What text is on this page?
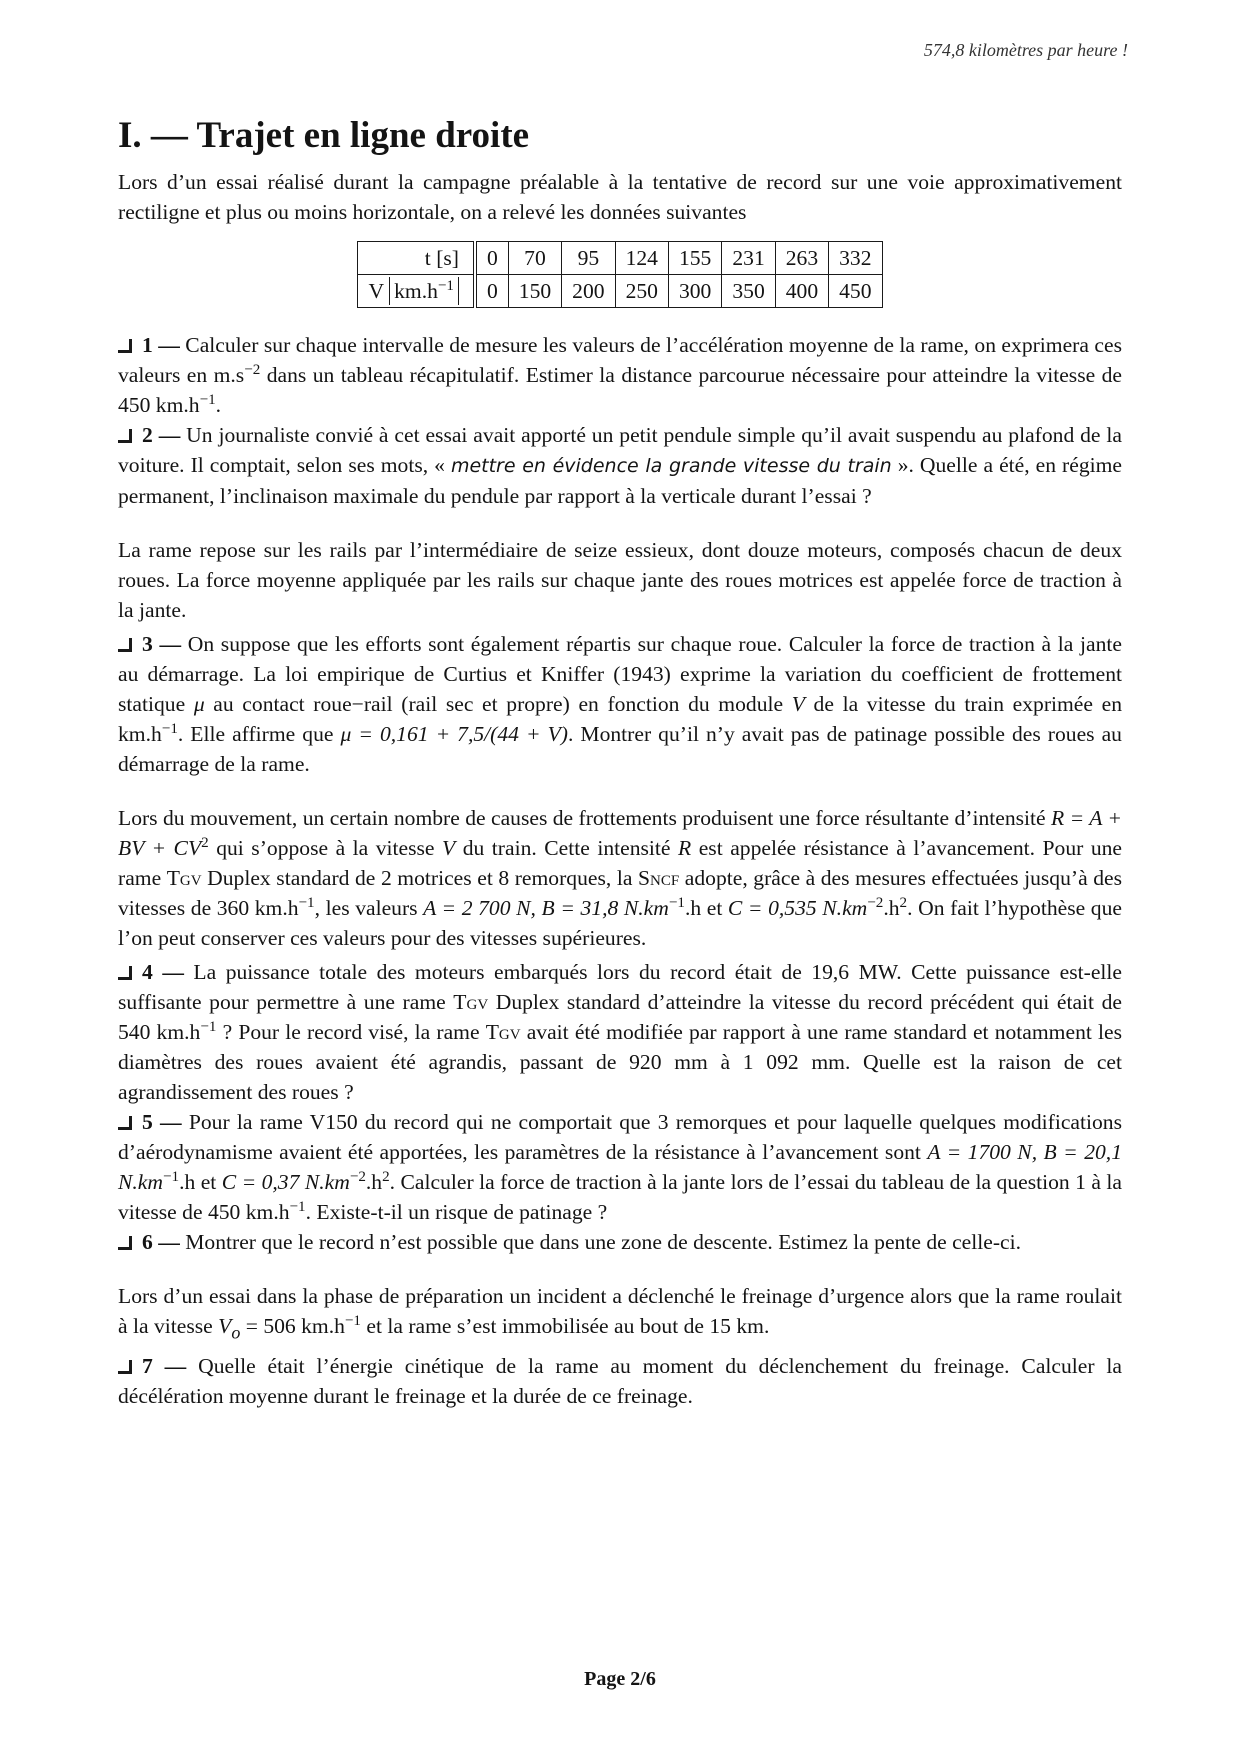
574,8 kilomètres par heure !
I. — Trajet en ligne droite

Lors d’un essai réalisé durant la campagne préalable à la tentative de record sur une voie approximativement rectiligne et plus ou moins horizontale, on a relevé les données suivantes

t [s]	0	70	95	124	155	231	263	332
V $km.h^{-1}$	0	150	200	250	300	350	400	450

1 — Calculer sur chaque intervalle de mesure les valeurs de l’accélération moyenne de la rame, on exprimera ces valeurs en $m.s^{-2}$ dans un tableau récapitulatif. Estimer la distance parcourue nécessaire pour atteindre la vitesse de 450 $km.h^{-1}$.

2 — Un journaliste convié à cet essai avait apporté un petit pendule simple qu’il avait suspendu au plafond de la voiture. Il comptait, selon ses mots, « mettre en évidence la grande vitesse du train ». Quelle a été, en régime permanent, l’inclinaison maximale du pendule par rapport à la verticale durant l’essai ?

La rame repose sur les rails par l’intermédiaire de seize essieux, dont douze moteurs, composés chacun de deux roues. La force moyenne appliquée par les rails sur chaque jante des roues motrices est appelée force de traction à la jante.

3 — On suppose que les efforts sont également répartis sur chaque roue. Calculer la force de traction à la jante au démarrage. La loi empirique de Curtius et Kniffer (1943) exprime la variation du coefficient de frottement statique μ au contact roue−rail (rail sec et propre) en fonction du module V de la vitesse du train exprimée en $km.h^{-1}$. Elle affirme que μ = 0,161 + 7,5/(44 + V). Montrer qu’il n’y avait pas de patinage possible des roues au démarrage de la rame.

Lors du mouvement, un certain nombre de causes de frottements produisent une force résultante d’intensité R = A + BV + $CV^2$ qui s’oppose à la vitesse V du train. Cette intensité R est appelée résistance à l’avancement. Pour une rame Tgv Duplex standard de 2 motrices et 8 remorques, la Sncf adopte, grâce à des mesures effectuées jusqu’à des vitesses de 360 $km.h^{-1}$, les valeurs A = 2 700 N, B = 31,8 $N.km^{-1}.h$ et C = 0,535 $N.km^{-2}.h^2$. On fait l’hypothèse que l’on peut conserver ces valeurs pour des vitesses supérieures.

4 — La puissance totale des moteurs embarqués lors du record était de 19,6 MW. Cette puissance est-elle suffisante pour permettre à une rame Tgv Duplex standard d’atteindre la vitesse du record précédent qui était de 540 $km.h^{-1}$ ? Pour le record visé, la rame Tgv avait été modifiée par rapport à une rame standard et notamment les diamètres des roues avaient été agrandis, passant de 920 mm à 1 092 mm. Quelle est la raison de cet agrandissement des roues ?

5 — Pour la rame V150 du record qui ne comportait que 3 remorques et pour laquelle quelques modifications d’aérodynamisme avaient été apportées, les paramètres de la résistance à l’avancement sont A = 1700 N, B = 20,1 $N.km^{-1}.h$ et C = 0,37 $N.km^{-2}.h^2$. Calculer la force de traction à la jante lors de l’essai du tableau de la question 1 à la vitesse de 450 $km.h^{-1}$. Existe-t-il un risque de patinage ?

6 — Montrer que le record n’est possible que dans une zone de descente. Estimez la pente de celle-ci.

Lors d’un essai dans la phase de préparation un incident a déclenché le freinage d’urgence alors que la rame roulait à la vitesse $V_o = 506$ $km.h^{-1}$ et la rame s’est immobilisée au bout de 15 km.

7 — Quelle était l’énergie cinétique de la rame au moment du déclenchement du freinage. Calculer la décélération moyenne durant le freinage et la durée de ce freinage.

Page 2/6
